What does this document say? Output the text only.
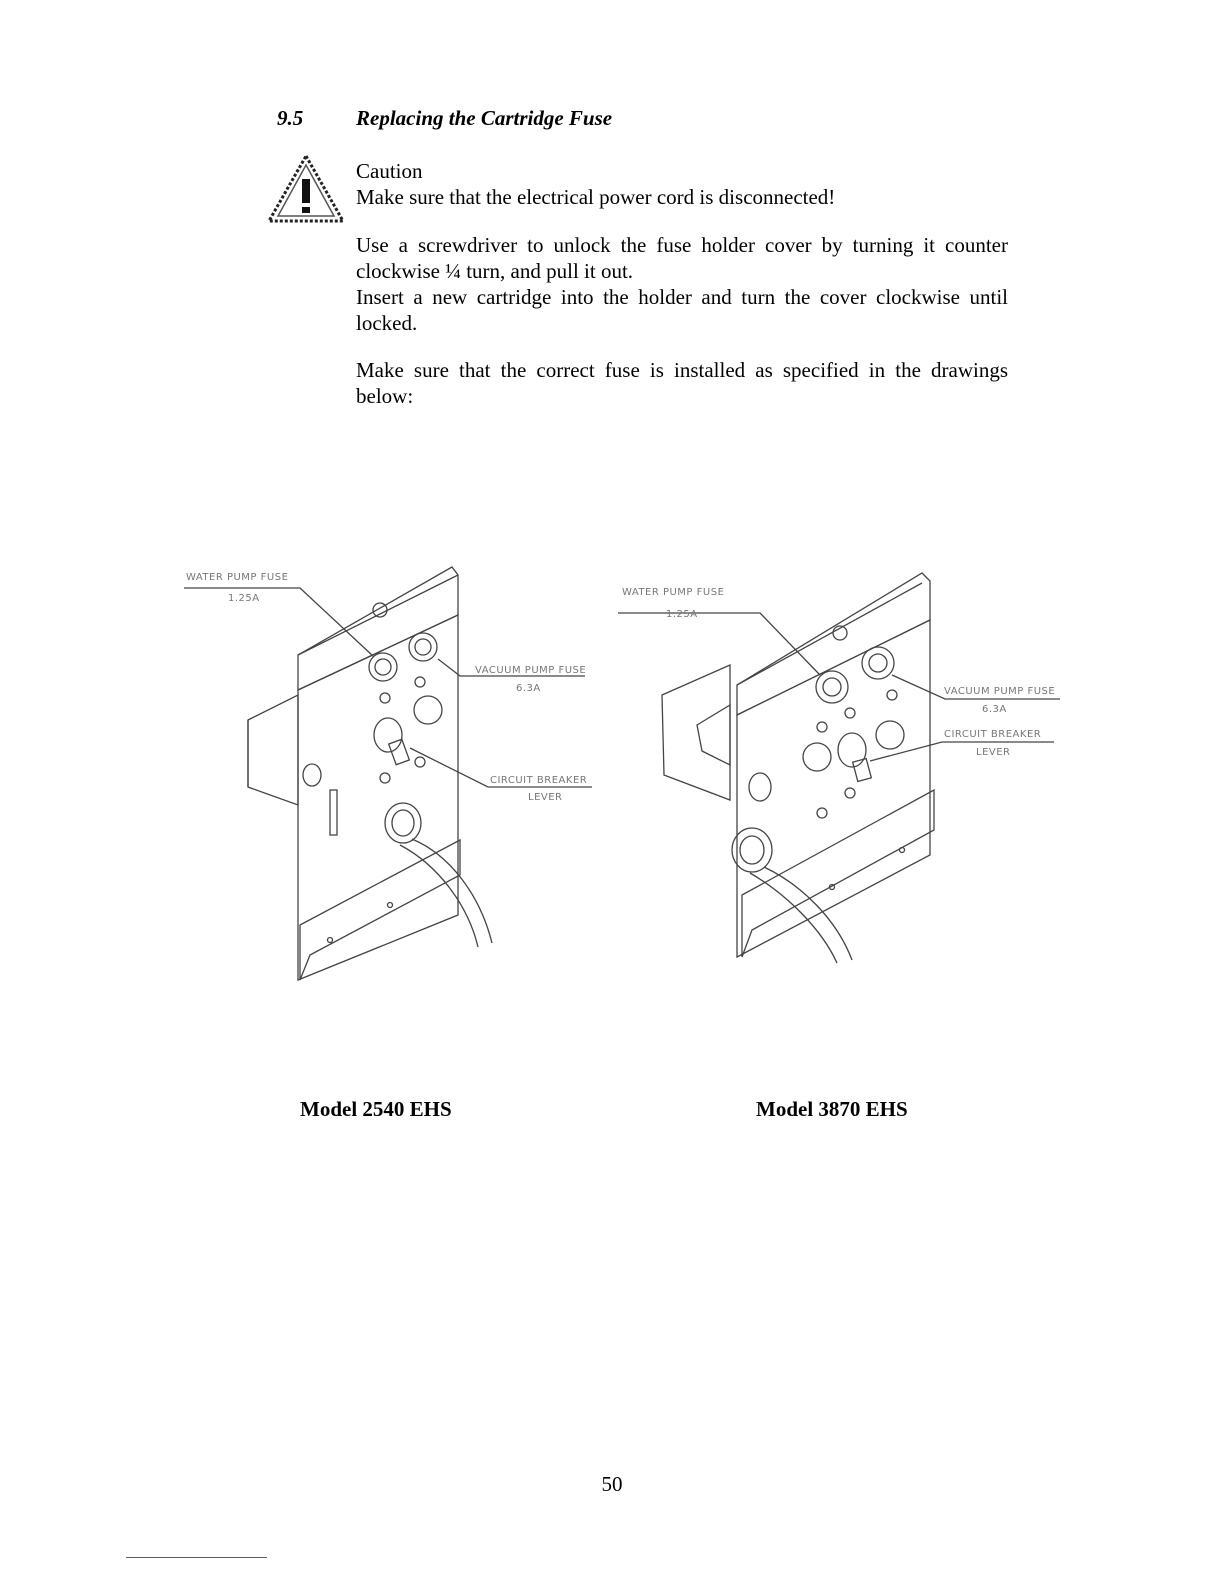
9.5	Replacing the Cartridge Fuse
Caution
Make sure that the electrical power cord is disconnected!
Use a screwdriver to unlock the fuse holder cover by turning it counter clockwise ¼ turn, and pull it out.
Insert a new cartridge into the holder and turn the cover clockwise until locked.
Make sure that the correct fuse is installed as specified in the drawings below:
WATER PUMP FUSE
1.25A
VACUUM PUMP FUSE
6.3A
CIRCUIT BREAKER
LEVER
WATER PUMP FUSE
1.25A
VACUUM PUMP FUSE
6.3A
CIRCUIT BREAKER
LEVER
Model 2540 EHS	Model 3870 EHS
50
